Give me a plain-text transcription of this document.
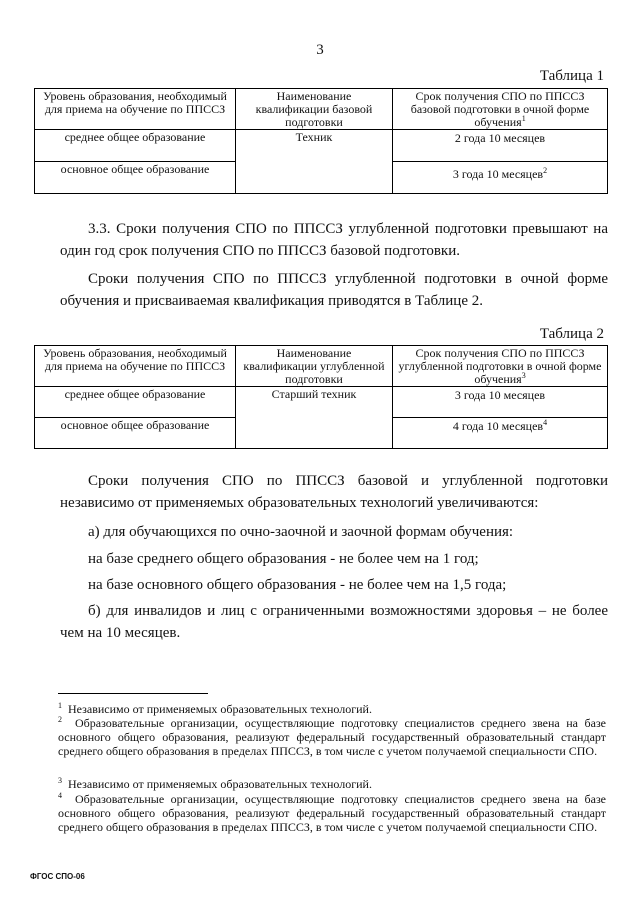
3
Таблица 1
Уровень образования, необходимый для приема на обучение по ППССЗ	Наименование квалификации базовой подготовки	Срок получения СПО по ППССЗ базовой подготовки в очной форме обучения$^1$
среднее общее образование	Техник	2 года 10 месяцев
основное общее образование		3 года 10 месяцев$^2$
3.3. Сроки получения СПО по ППССЗ углубленной подготовки превышают на один год срок получения СПО по ППССЗ базовой подготовки.
Сроки получения СПО по ППССЗ углубленной подготовки в очной форме обучения и присваиваемая квалификация приводятся в Таблице 2.
Таблица 2
Уровень образования, необходимый для приема на обучение по ППССЗ	Наименование квалификации углубленной подготовки	Срок получения СПО по ППССЗ углубленной подготовки в очной форме обучения$^3$
среднее общее образование	Старший техник	3 года 10 месяцев
основное общее образование		4 года 10 месяцев$^4$
Сроки получения СПО по ППССЗ базовой и углубленной подготовки независимо от применяемых образовательных технологий увеличиваются:
а) для обучающихся по очно-заочной и заочной формам обучения:
на базе среднего общего образования - не более чем на 1 год;
на базе основного общего образования - не более чем на 1,5 года;
б) для инвалидов и лиц с ограниченными возможностями здоровья – не более чем на 10 месяцев.
$^1$ Независимо от применяемых образовательных технологий.
$^2$ Образовательные организации, осуществляющие подготовку специалистов среднего звена на базе основного общего образования, реализуют федеральный государственный образовательный стандарт среднего общего образования в пределах ППССЗ, в том числе с учетом получаемой специальности СПО.
$^3$ Независимо от применяемых образовательных технологий.
$^4$ Образовательные организации, осуществляющие подготовку специалистов среднего звена на базе основного общего образования, реализуют федеральный государственный образовательный стандарт среднего общего образования в пределах ППССЗ, в том числе с учетом получаемой специальности СПО.
ФГОС СПО-06
